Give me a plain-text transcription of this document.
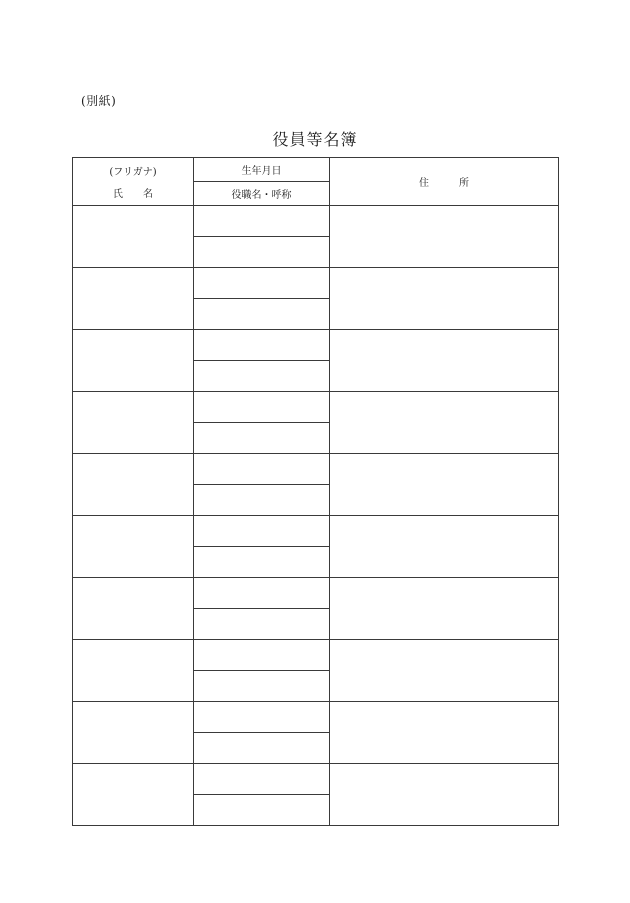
(別紙)
役員等名簿
(フリガナ)
氏　　名	生年月日	住　　　所
	役職名・呼称	
